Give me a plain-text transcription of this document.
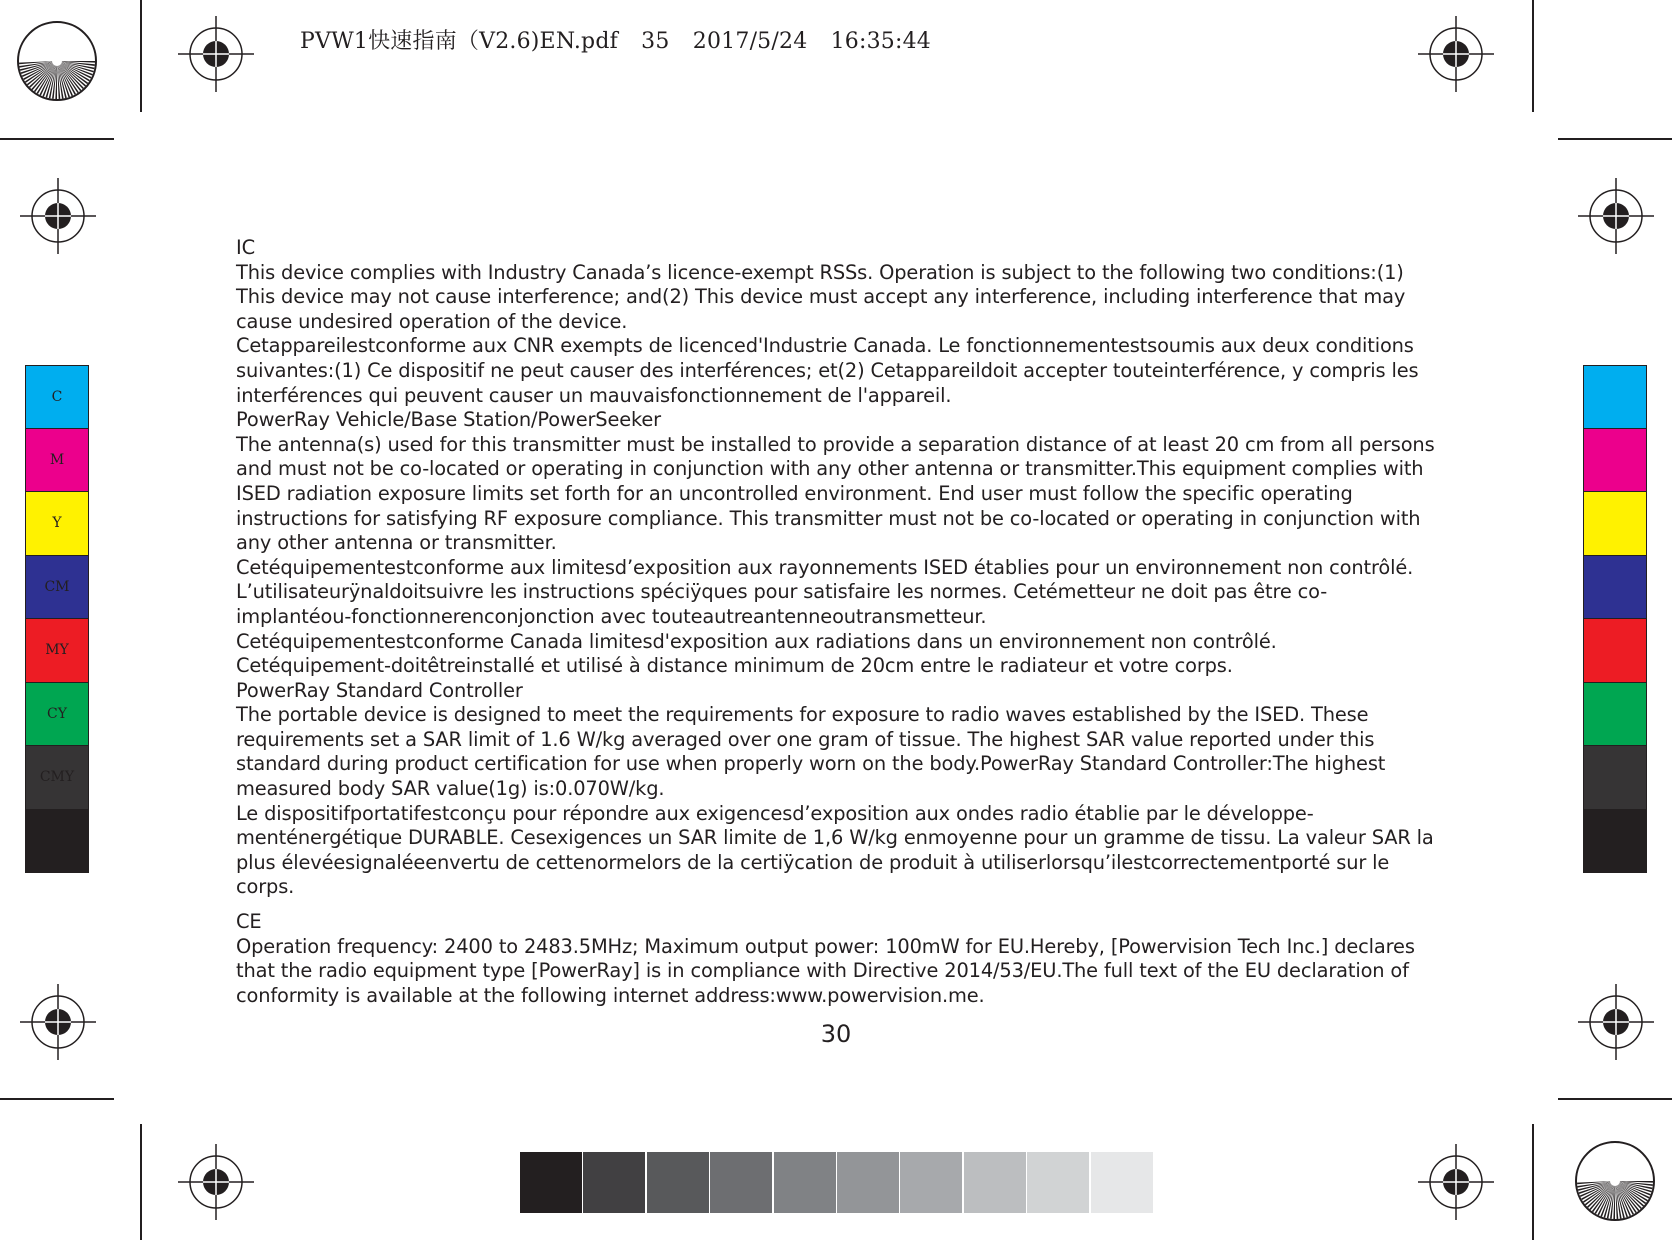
PVW1快速指南（V2.6)EN.pdf 35 2017/5/24 16:35:44
C
M
Y
CM
MY
CY
CMY

IC

This device complies with Industry Canada’s licence-exempt RSSs. Operation is subject to the following two conditions:(1) This device may not cause interference; and(2) This device must accept any interference, including interference that may cause undesired operation of the device.

Cetappareilestconforme aux CNR exempts de licenced'Industrie Canada. Le fonctionnementestsoumis aux deux conditions suivantes:(1) Ce dispositif ne peut causer des interférences; et(2) Cetappareildoit accepter touteinterférence, y compris les interférences qui peuvent causer un mauvaisfonctionnement de l'appareil.

PowerRay Vehicle/Base Station/PowerSeeker

The antenna(s) used for this transmitter must be installed to provide a separation distance of at least 20 cm from all persons and must not be co-located or operating in conjunction with any other antenna or transmitter.This equipment complies with ISED radiation exposure limits set forth for an uncontrolled environment. End user must follow the specific operating instructions for satisfying RF exposure compliance. This transmitter must not be co-located or operating in conjunction with any other antenna or transmitter.

Cetéquipementestconforme aux limitesd’exposition aux rayonnements ISED établies pour un environnement non contrôlé. L’utilisateurÿnaldoitsuivre les instructions spéciÿques pour satisfaire les normes. Cetémetteur ne doit pas être co-implantéou-fonctionnerenconjonction avec touteautreantenneoutransmetteur.

Cetéquipementestconforme Canada limitesd'exposition aux radiations dans un environnement non contrôlé. Cetéquipement-doitêtreinstallé et utilisé à distance minimum de 20cm entre le radiateur et votre corps.

PowerRay Standard Controller

The portable device is designed to meet the requirements for exposure to radio waves established by the ISED. These requirements set a SAR limit of 1.6 W/kg averaged over one gram of tissue. The highest SAR value reported under this standard during product certification for use when properly worn on the body.PowerRay Standard Controller:The highest measured body SAR value(1g) is:0.070W/kg.

Le dispositifportatifestconçu pour répondre aux exigencesd’exposition aux ondes radio établie par le développe-menténergétique DURABLE. Cesexigences un SAR limite de 1,6 W/kg enmoyenne pour un gramme de tissu. La valeur SAR la plus élevéesignaléeenvertu de cettenormelors de la certiÿcation de produit à utiliserlorsqu’ilestcorrectementporté sur le corps.

CE

Operation frequency: 2400 to 2483.5MHz; Maximum output power: 100mW for EU.Hereby, [Powervision Tech Inc.] declares that the radio equipment type [PowerRay] is in compliance with Directive 2014/53/EU.The full text of the EU declaration of conformity is available at the following internet address:www.powervision.me.

30
